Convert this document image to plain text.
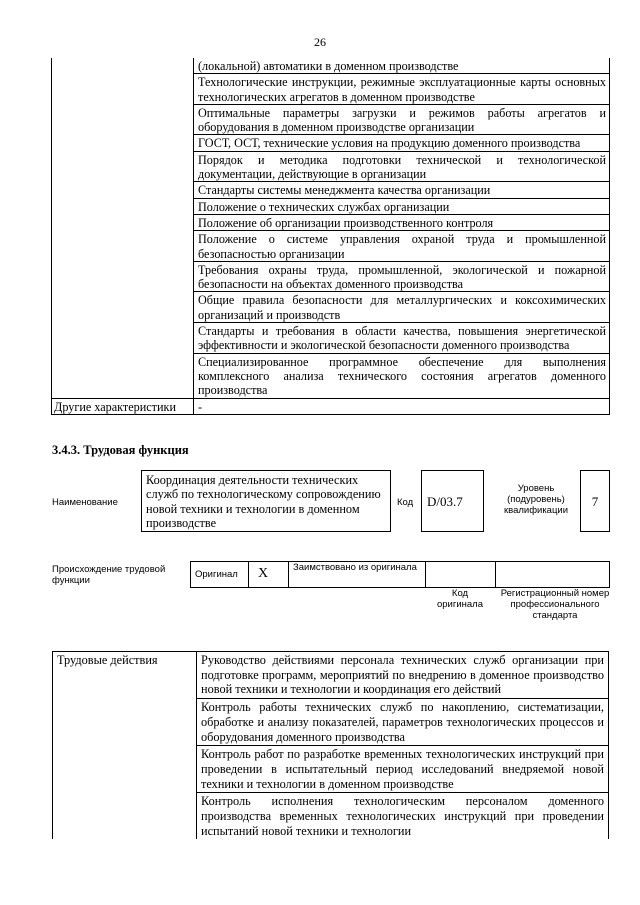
26
	(локальной) автоматики в доменном производстве
	Технологические инструкции, режимные эксплуатационные карты основных технологических агрегатов в доменном производстве
	Оптимальные параметры загрузки и режимов работы агрегатов и оборудования в доменном производстве организации
	ГОСТ, ОСТ, технические условия на продукцию доменного производства
	Порядок и методика подготовки технической и технологической документации, действующие в организации
	Стандарты системы менеджмента качества организации
	Положение о технических службах организации
	Положение об организации производственного контроля
	Положение о системе управления охраной труда и промышленной безопасностью организации
	Требования охраны труда, промышленной, экологической и пожарной безопасности на объектах доменного производства
	Общие правила безопасности для металлургических и коксохимических организаций и производств
	Стандарты и требования в области качества, повышения энергетической эффективности и экологической безопасности доменного производства
	Специализированное программное обеспечение для выполнения комплексного анализа технического состояния агрегатов доменного производства
Другие характеристики	-
3.4.3. Трудовая функция
Наименование
Координация деятельности технических служб по технологическому сопровождению новой техники и технологии в доменном производстве
Код	D/03.7
Уровень (подуровень) квалификации
7
Происхождение трудовой функции
Оригинал X	Заимствовано из оригинала
Код оригинала
Регистрационный номер профессионального стандарта
Трудовые действия	Руководство действиями персонала технических служб организации при подготовке программ, мероприятий по внедрению в доменное производство новой техники и технологии и координация его действий
Контроль работы технических служб по накоплению, систематизации, обработке и анализу показателей, параметров технологических процессов и оборудования доменного производства
Контроль работ по разработке временных технологических инструкций при проведении в испытательный период исследований внедряемой новой техники и технологии в доменном производстве
Контроль исполнения технологическим персоналом доменного производства временных технологических инструкций при проведении испытаний новой техники и технологии
